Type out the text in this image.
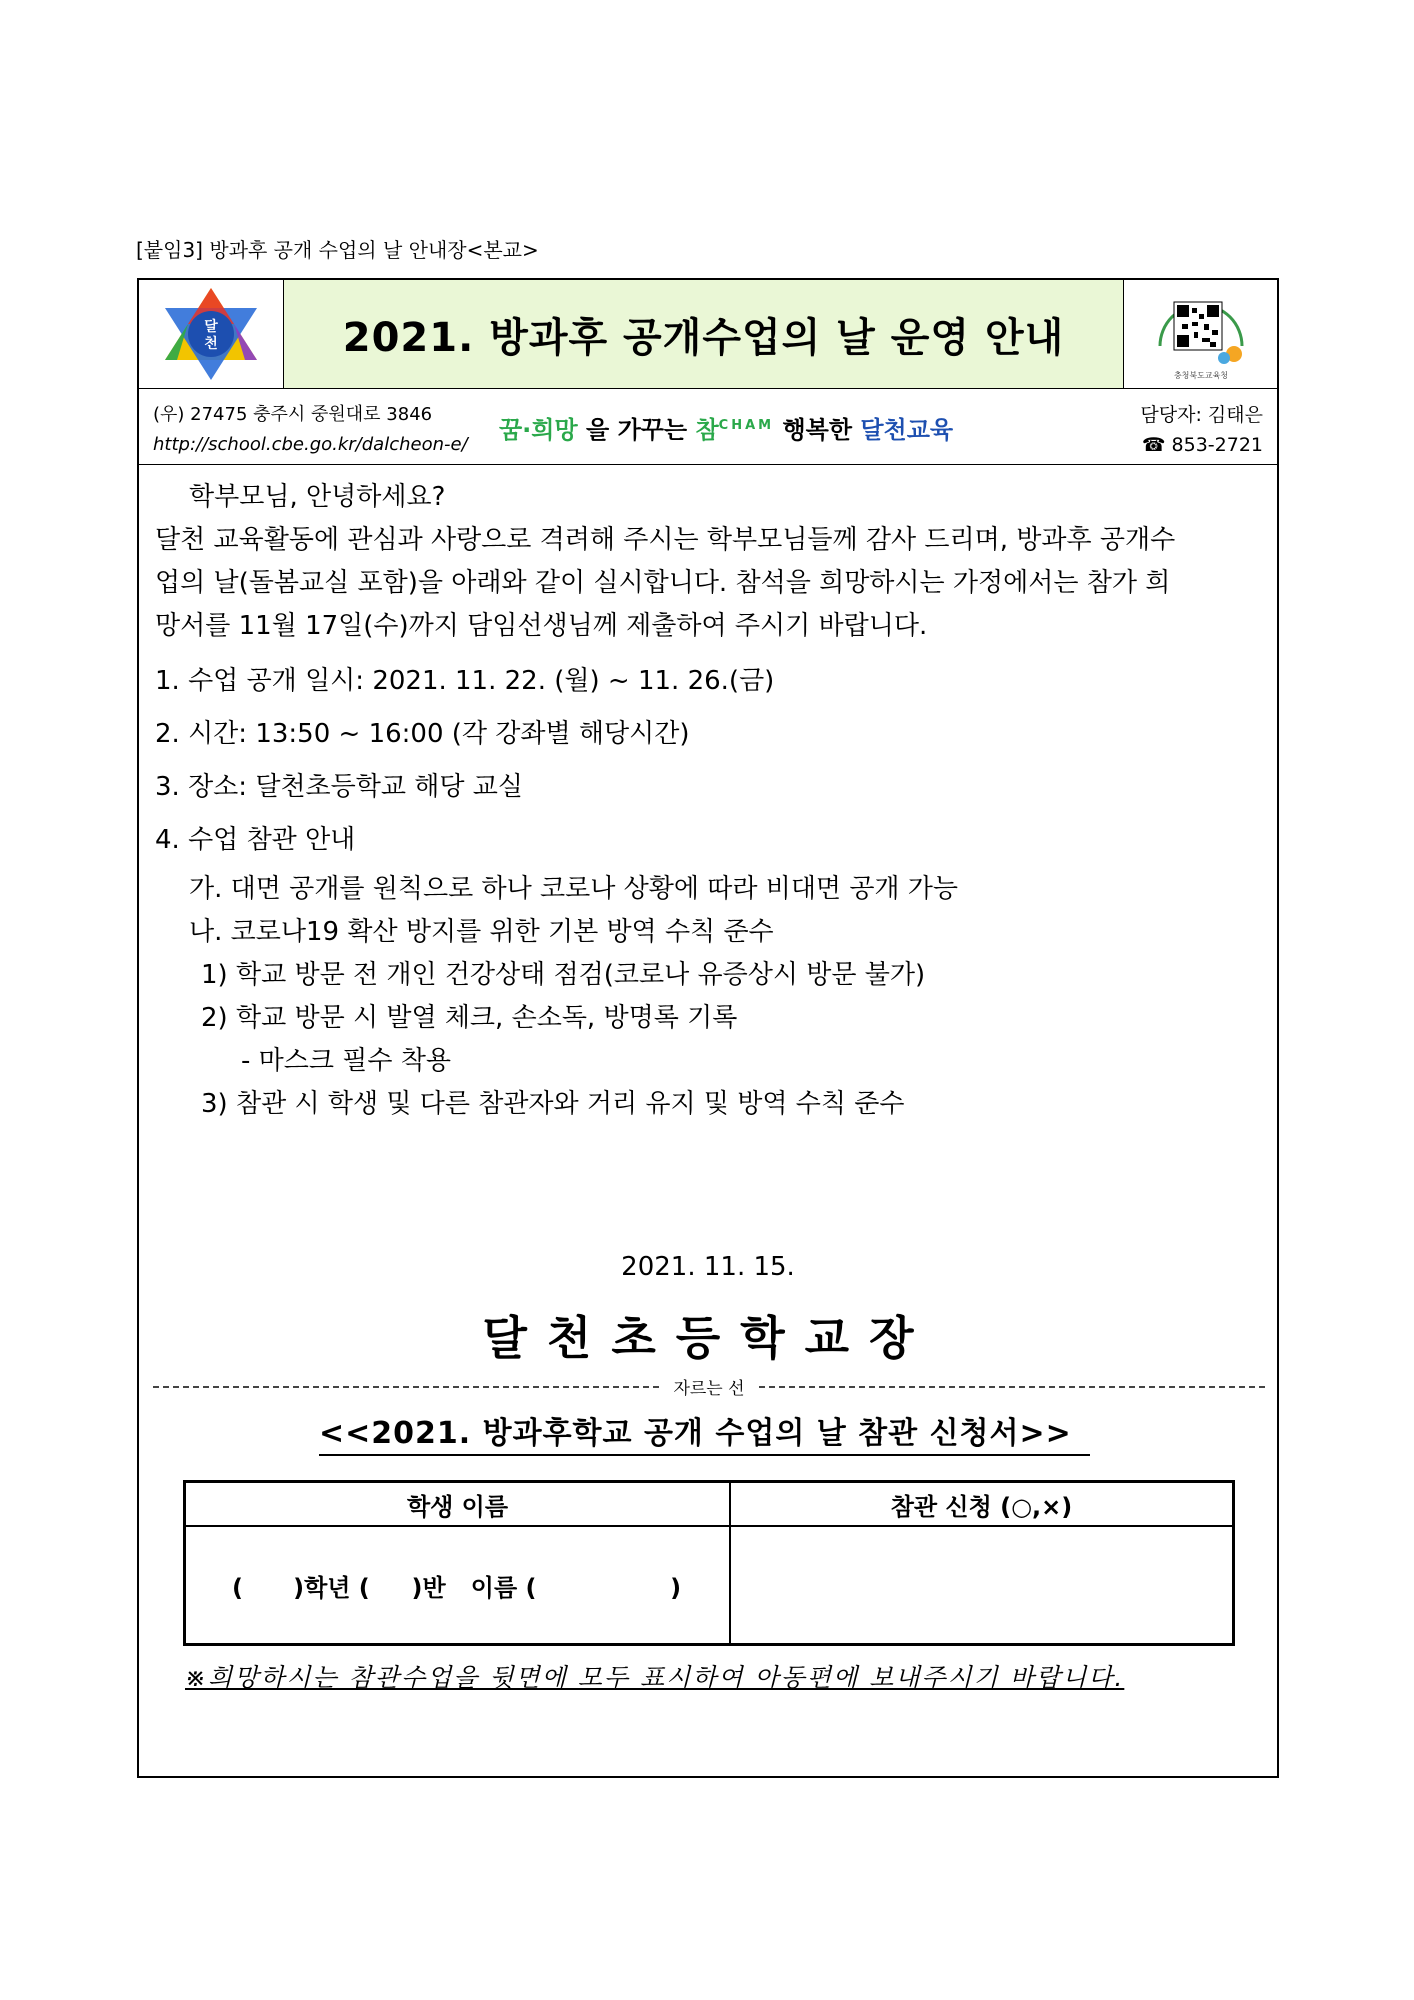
[붙임3] 방과후 공개 수업의 날 안내장<본교>
달
천	2021. 방과후 공개수업의 날 운영 안내
충청북도교육청
(우) 27475 충주시 중원대로 3846
http://school.cbe.go.kr/dalcheon-e/
꿈·희망 을 가꾸는 참$^{CHAM}$ 행복한 달천교육
담당자: 김태은
☎ 853-2721

학부모님, 안녕하세요?

달천 교육활동에 관심과 사랑으로 격려해 주시는 학부모님들께 감사 드리며, 방과후 공개수

업의 날(돌봄교실 포함)을 아래와 같이 실시합니다. 참석을 희망하시는 가정에서는 참가 희

망서를 11월 17일(수)까지 담임선생님께 제출하여 주시기 바랍니다.

1. 수업 공개 일시: 2021. 11. 22. (월) ~ 11. 26.(금)

2. 시간: 13:50 ~ 16:00 (각 강좌별 해당시간)

3. 장소: 달천초등학교 해당 교실

4. 수업 참관 안내

가. 대면 공개를 원칙으로 하나 코로나 상황에 따라 비대면 공개 가능

나. 코로나19 확산 방지를 위한 기본 방역 수칙 준수

1) 학교 방문 전 개인 건강상태 점검(코로나 유증상시 방문 불가)

2) 학교 방문 시 발열 체크, 손소독, 방명록 기록

- 마스크 필수 착용

3) 참관 시 학생 및 다른 참관자와 거리 유지 및 방역 수칙 준수

2021. 11. 15.
달천초등학교장
자르는 선
<<2021. 방과후학교 공개 수업의 날 참관 신청서>>
학생 이름	참관 신청 (○,×)
(      )학년 (     )반   이름 (                )	
※희망하시는 참관수업을 뒷면에 모두 표시하여 아동편에 보내주시기 바랍니다.
